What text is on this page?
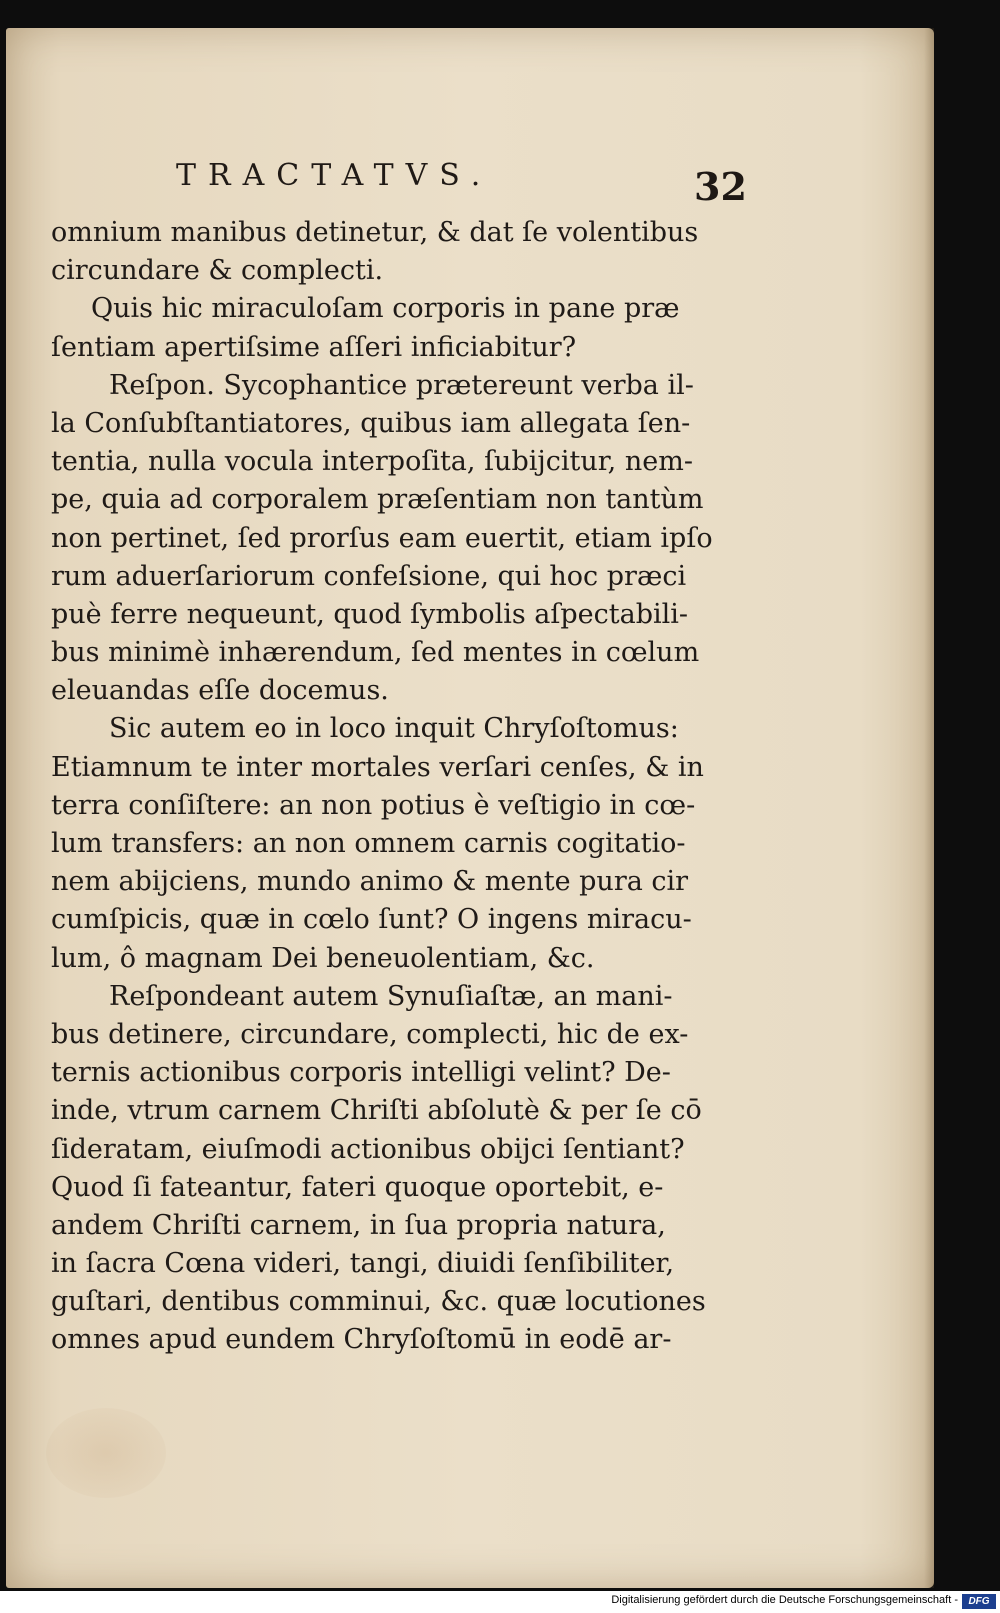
TRACTATVS.	32
omnium manibus detinetur, & dat ſe volentibus
circundare & complecti.
Quis hic miraculoſam corporis in pane præ
ſentiam apertiſsime aſſeri inficiabitur?
Reſpon. Sycophantice prætereunt verba il-
la Conſubſtantiatores, quibus iam allegata ſen-
tentia, nulla vocula interpoſita, ſubijcitur, nem-
pe, quia ad corporalem præſentiam non tantùm
non pertinet, ſed prorſus eam euertit, etiam ipſo
rum aduerſariorum confeſsione, qui hoc præci
puè ferre nequeunt, quod ſymbolis aſpectabili-
bus minimè inhærendum, ſed mentes in cœlum
eleuandas eſſe docemus.
Sic autem eo in loco inquit Chryſoſtomus:
Etiamnum te inter mortales verſari cenſes, & in
terra conſiſtere: an non potius è veſtigio in cœ-
lum transfers: an non omnem carnis cogitatio-
nem abijciens, mundo animo & mente pura cir
cumſpicis, quæ in cœlo ſunt? O ingens miracu-
lum, ô magnam Dei beneuolentiam, &c.
Reſpondeant autem Synuſiaſtæ, an mani-
bus detinere, circundare, complecti, hic de ex-
ternis actionibus corporis intelligi velint? De-
inde, vtrum carnem Chriſti abſolutè & per ſe cō
ſideratam, eiuſmodi actionibus obijci ſentiant?
Quod ſi fateantur, fateri quoque oportebit, e-
andem Chriſti carnem, in ſua propria natura,
in ſacra Cœna videri, tangi, diuidi ſenſibiliter,
guſtari, dentibus comminui, &c. quæ locutiones
omnes apud eundem Chryſoſtomū in eodē ar-
Digitalisierung gefördert durch die Deutsche Forschungsgemeinschaft -	DFG
